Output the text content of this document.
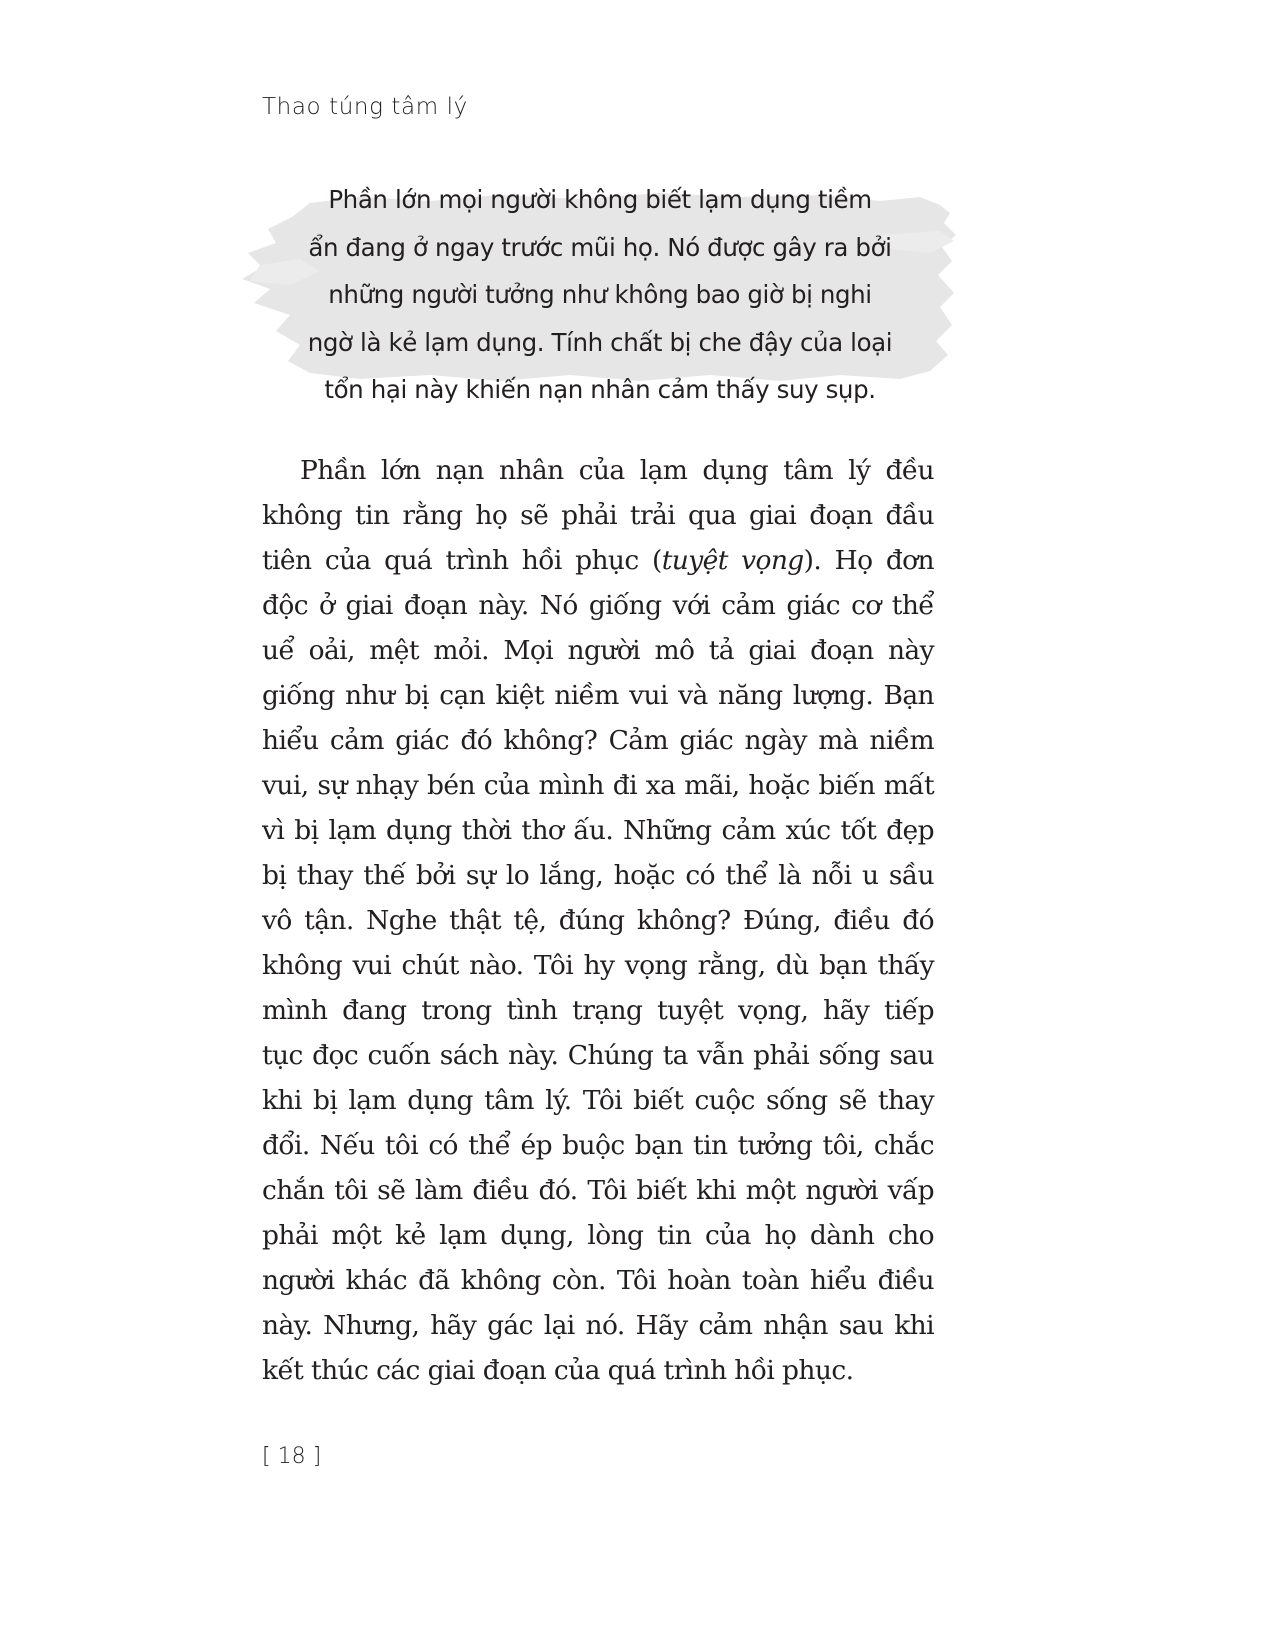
Thao túng tâm lý
Phần lớn mọi người không biết lạm dụng tiềm
ẩn đang ở ngay trước mũi họ. Nó được gây ra bởi
những người tưởng như không bao giờ bị nghi
ngờ là kẻ lạm dụng. Tính chất bị che đậy của loại
tổn hại này khiến nạn nhân cảm thấy suy sụp.
Phần lớn nạn nhân của lạm dụng tâm lý đều
không tin rằng họ sẽ phải trải qua giai đoạn đầu
tiên của quá trình hồi phục (tuyệt vọng). Họ đơn
độc ở giai đoạn này. Nó giống với cảm giác cơ thể
uể oải, mệt mỏi. Mọi người mô tả giai đoạn này
giống như bị cạn kiệt niềm vui và năng lượng. Bạn
hiểu cảm giác đó không? Cảm giác ngày mà niềm
vui, sự nhạy bén của mình đi xa mãi, hoặc biến mất
vì bị lạm dụng thời thơ ấu. Những cảm xúc tốt đẹp
bị thay thế bởi sự lo lắng, hoặc có thể là nỗi u sầu
vô tận. Nghe thật tệ, đúng không? Đúng, điều đó
không vui chút nào. Tôi hy vọng rằng, dù bạn thấy
mình đang trong tình trạng tuyệt vọng, hãy tiếp
tục đọc cuốn sách này. Chúng ta vẫn phải sống sau
khi bị lạm dụng tâm lý. Tôi biết cuộc sống sẽ thay
đổi. Nếu tôi có thể ép buộc bạn tin tưởng tôi, chắc
chắn tôi sẽ làm điều đó. Tôi biết khi một người vấp
phải một kẻ lạm dụng, lòng tin của họ dành cho
người khác đã không còn. Tôi hoàn toàn hiểu điều
này. Nhưng, hãy gác lại nó. Hãy cảm nhận sau khi
kết thúc các giai đoạn của quá trình hồi phục.
[ 18 ]
